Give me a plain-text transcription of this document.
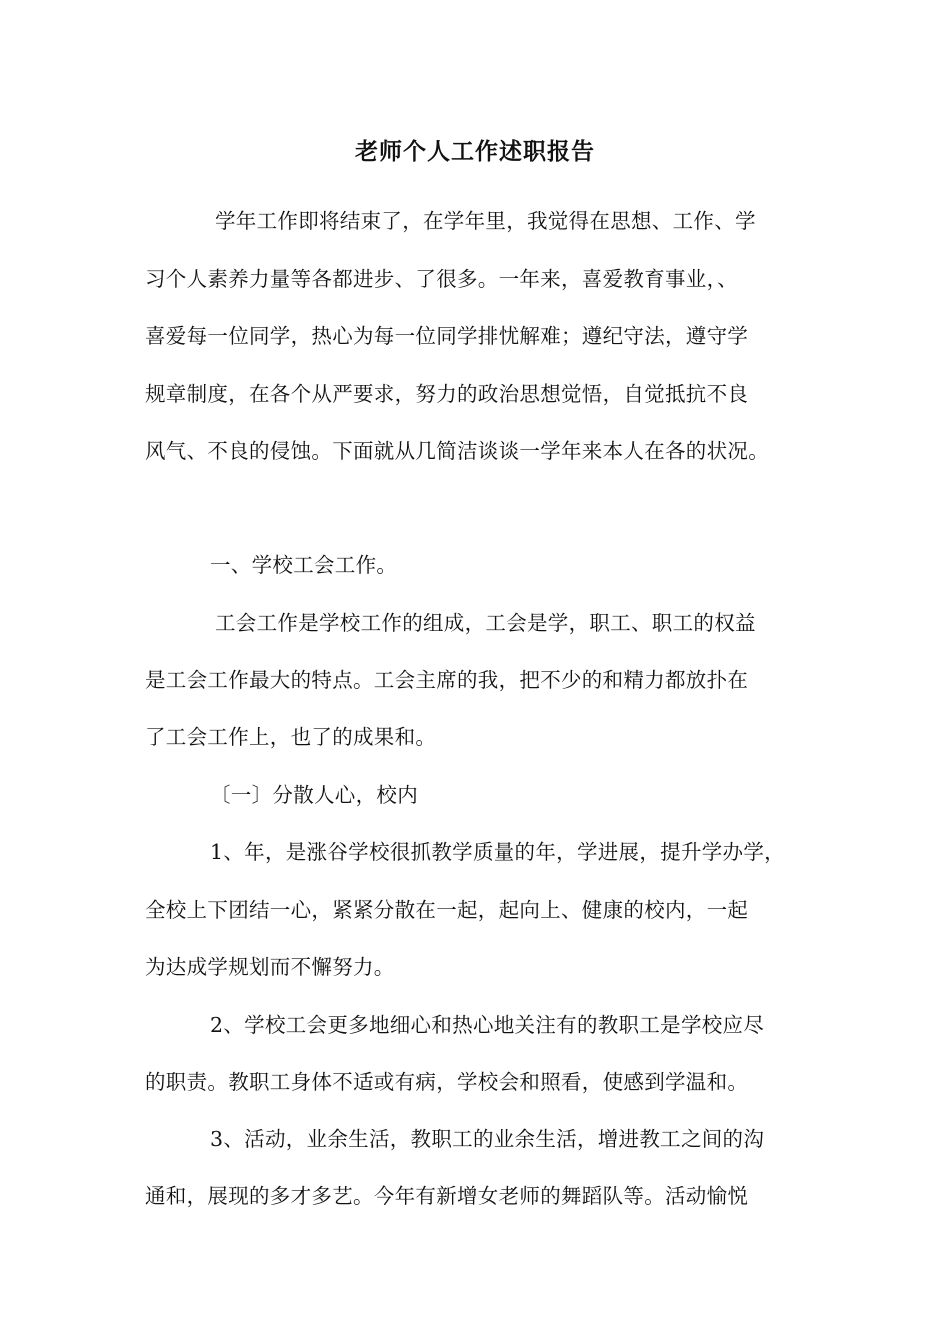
老师个人工作述职报告
学年工作即将结束了，在学年里，我觉得在思想、工作、学
习个人素养力量等各都进步、了很多。一年来，喜爱教育事业，、
喜爱每一位同学，热心为每一位同学排忧解难；遵纪守法，遵守学
规章制度，在各个从严要求，努力的政治思想觉悟，自觉抵抗不良
风气、不良的侵蚀。下面就从几简洁谈谈一学年来本人在各的状况。
一、学校工会工作。
工会工作是学校工作的组成，工会是学，职工、职工的权益
是工会工作最大的特点。工会主席的我，把不少的和精力都放扑在
了工会工作上，也了的成果和。
〔一〕分散人心，校内
1、年，是涨谷学校很抓教学质量的年，学进展，提升学办学，
全校上下团结一心，紧紧分散在一起，起向上、健康的校内，一起
为达成学规划而不懈努力。
2、学校工会更多地细心和热心地关注有的教职工是学校应尽
的职责。教职工身体不适或有病，学校会和照看，使感到学温和。
3、活动，业余生活，教职工的业余生活，增进教工之间的沟
通和，展现的多才多艺。今年有新增女老师的舞蹈队等。活动愉悦
